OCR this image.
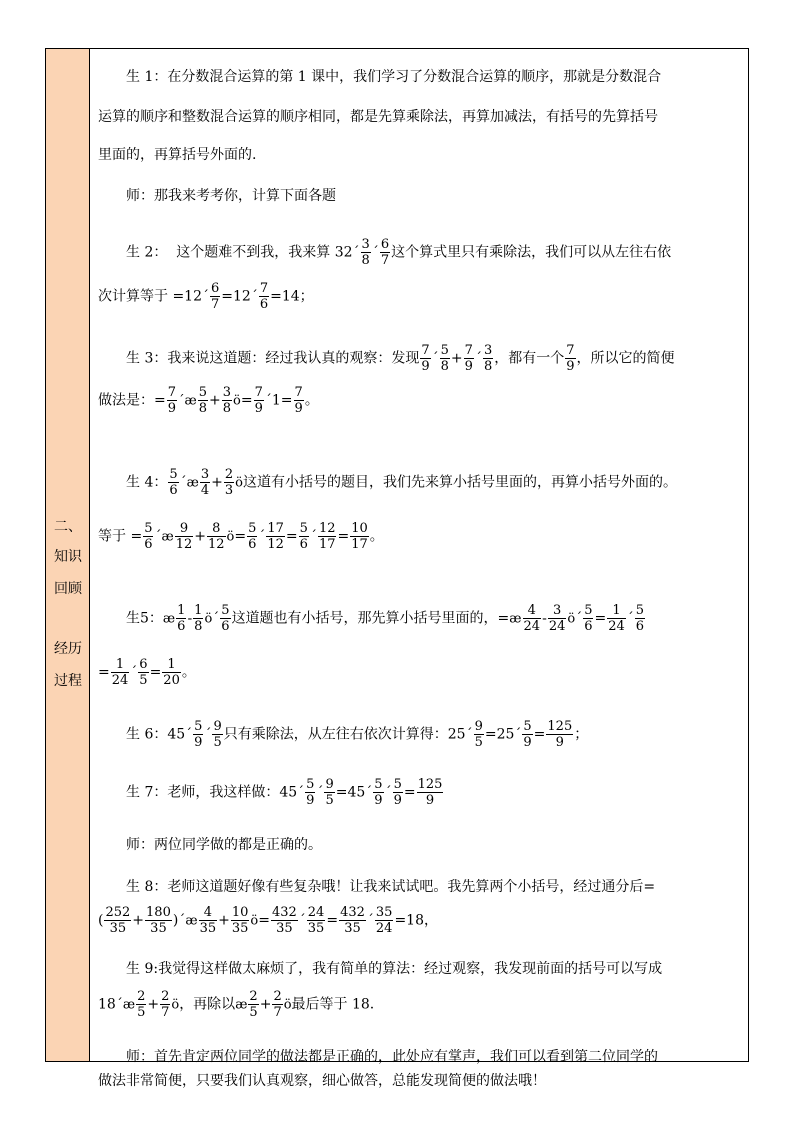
二、
知识
回顾
经历
过程
生 1：在分数混合运算的第 1 课中，我们学习了分数混合运算的顺序，那就是分数混合
运算的顺序和整数混合运算的顺序相同，都是先算乘除法，再算加减法，有括号的先算括号
里面的，再算括号外面的.
师：那我来考考你，计算下面各题
生 2：  这个题难不到我，我来算 32´ $\frac{3}{8}$ ´ $\frac{6}{7}$ 这个算式里只有乘除法，我们可以从左往右依
次计算等于 =12´ $\frac{6}{7}$ =12´ $\frac{7}{6} =14$；
生 3：我来说这道题：经过我认真的观察：发现 $\frac{7}{9}$ ´ $\frac{5}{8} + \frac{7}{9}$ ´ $\frac{3}{8}$ ，都有一个 $\frac{7}{9}$ ，所以它的简便
做法是：= $\frac{7}{9}$ ´æ $\frac{5}{8} + \frac{3}{8}$ ö= $\frac{7}{9}$ ´1= $\frac{7}{9}$ 。
生 4： $\frac{5}{6}$ ´æ $\frac{3}{4} + \frac{2}{3}$ ö这道有小括号的题目，我们先来算小括号里面的，再算小括号外面的。
等于 = $\frac{5}{6}$ ´æ $\frac{9}{12} + \frac{8}{12}$ ö= $\frac{5}{6}$ ´ $\frac{17}{12} = \frac{5}{6}$ ´ $\frac{12}{17} = \frac{10}{17}$ 。
生5：æ $\frac{1}{6} - \frac{1}{8}$ ö´ $\frac{5}{6}$ 这道题也有小括号，那先算小括号里面的，=æ $\frac{4}{24} - \frac{3}{24}$ ö´ $\frac{5}{6} = \frac{1}{24}$ ´ $\frac{5}{6}$
= $\frac{1}{24}$ ´ $\frac{6}{5} = \frac{1}{20}$ 。
生 6：45´ $\frac{5}{9}$ ´ $\frac{9}{5}$ 只有乘除法，从左往右依次计算得：25´ $\frac{9}{5}$ =25´ $\frac{5}{9} = \frac{125}{9}$ ；
生 7：老师，我这样做：45´ $\frac{5}{9}$ ´ $\frac{9}{5}$ =45´ $\frac{5}{9}$ ´ $\frac{5}{9} = \frac{125}{9}$
师：两位同学做的都是正确的。
生 8：老师这道题好像有些复杂哦！让我来试试吧。我先算两个小括号，经过通分后=
( $\frac{252}{35} + \frac{180}{35}$ )´æ $\frac{4}{35} + \frac{10}{35}$ ö= $\frac{432}{35}$ ´ $\frac{24}{35} = \frac{432}{35}$ ´ $\frac{35}{24} =18$，
生 9:我觉得这样做太麻烦了，我有简单的算法：经过观察，我发现前面的括号可以写成
18´æ $\frac{2}{5} + \frac{2}{7}$ ö，再除以æ $\frac{2}{5} + \frac{2}{7}$ ö最后等于 18.
师：首先肯定两位同学的做法都是正确的，此处应有掌声，我们可以看到第二位同学的
做法非常简便，只要我们认真观察，细心做答，总能发现简便的做法哦！
